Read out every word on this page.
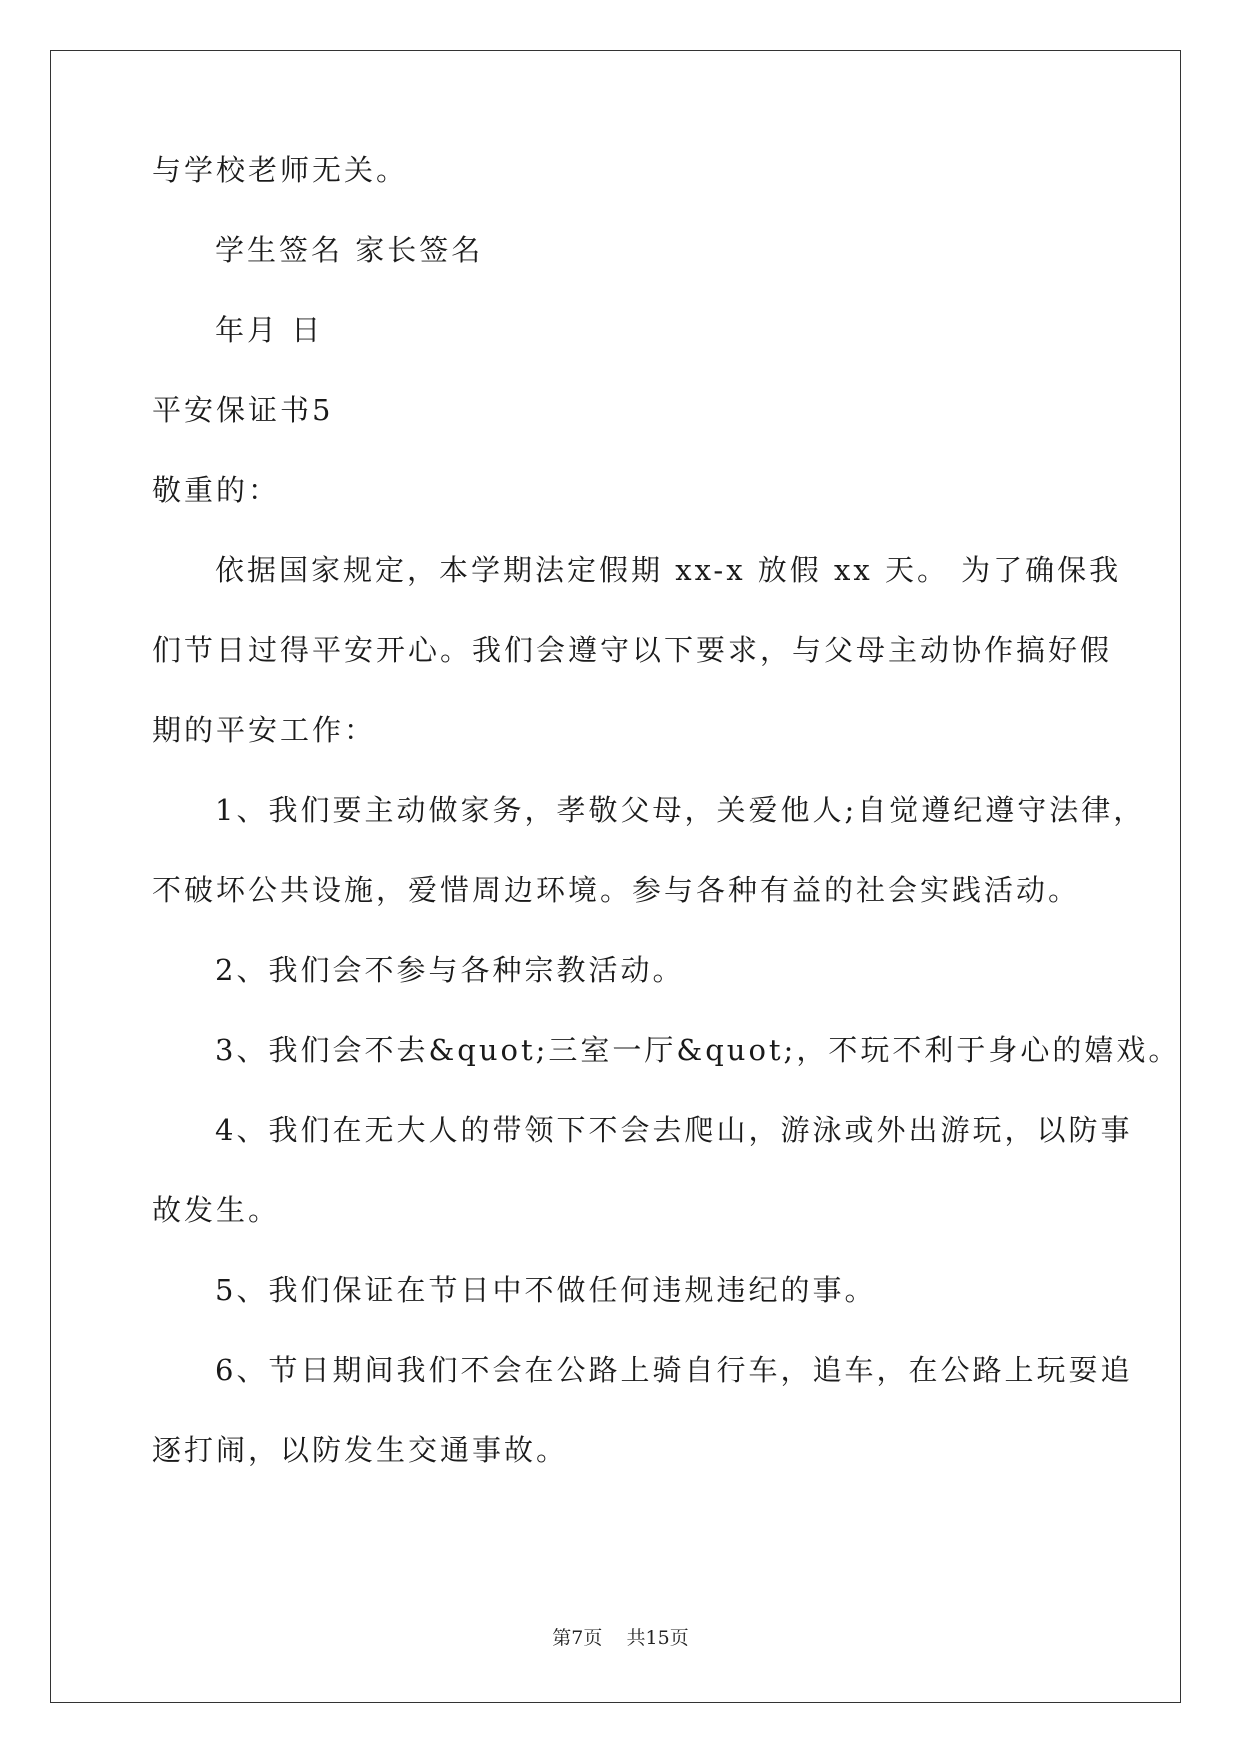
与学校老师无关。
学生签名 家长签名
年月 日
平安保证书5
敬重的：
依据国家规定，本学期法定假期 xx-x 放假 xx 天。 为了确保我
们节日过得平安开心。我们会遵守以下要求，与父母主动协作搞好假
期的平安工作：
1、我们要主动做家务，孝敬父母，关爱他人;自觉遵纪遵守法律，
不破坏公共设施，爱惜周边环境。参与各种有益的社会实践活动。
2、我们会不参与各种宗教活动。
3、我们会不去&quot;三室一厅&quot;，不玩不利于身心的嬉戏。
4、我们在无大人的带领下不会去爬山，游泳或外出游玩，以防事
故发生。
5、我们保证在节日中不做任何违规违纪的事。
6、节日期间我们不会在公路上骑自行车，追车，在公路上玩耍追
逐打闹，以防发生交通事故。
第7页 共15页
